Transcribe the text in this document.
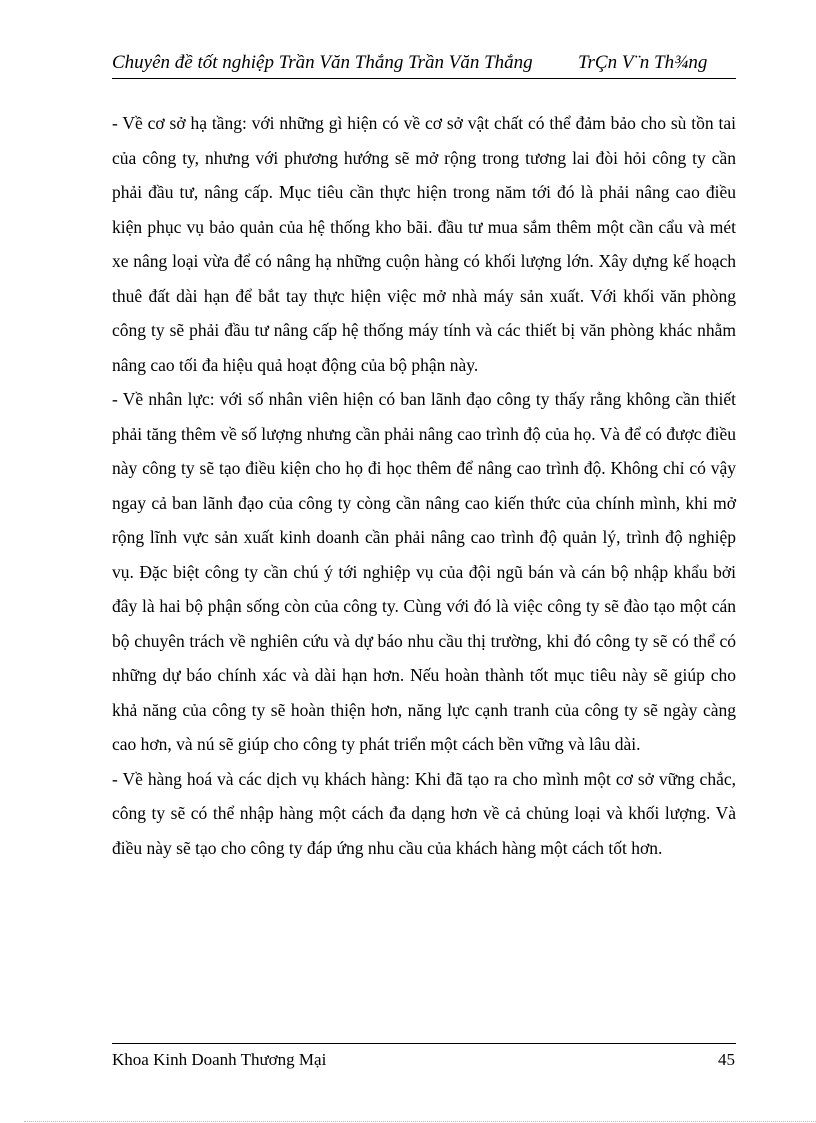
Chuyên đề tốt nghiệp Trần Văn Thắng Trần Văn Thắng TrÇn V¨n Th¾ng

- Về cơ sở hạ tầng: với những gì hiện có về cơ sở vật chất có thể đảm bảo cho sù tồn tai của công ty, nhưng với phương hướng sẽ mở rộng trong tương lai đòi hỏi công ty cần phải đầu tư, nâng cấp. Mục tiêu cần thực hiện trong năm tới đó là phải nâng cao điều kiện phục vụ bảo quản của hệ thống kho bãi. đầu tư mua sắm thêm một cần cẩu và mét xe nâng loại vừa để có nâng hạ những cuộn hàng có khối lượng lớn. Xây dựng kế hoạch thuê đất dài hạn để bắt tay thực hiện việc mở nhà máy sản xuất. Với khối văn phòng công ty sẽ phải đầu tư nâng cấp hệ thống máy tính và các thiết bị văn phòng khác nhằm nâng cao tối đa hiệu quả hoạt động của bộ phận này.

- Về nhân lực: với số nhân viên hiện có ban lãnh đạo công ty thấy rằng không cần thiết phải tăng thêm về số lượng nhưng cần phải nâng cao trình độ của họ. Và để có được điều này công ty sẽ tạo điều kiện cho họ đi học thêm để nâng cao trình độ. Không chỉ có vậy ngay cả ban lãnh đạo của công ty còng cần nâng cao kiến thức của chính mình, khi mở rộng lĩnh vực sản xuất kinh doanh cần phải nâng cao trình độ quản lý, trình độ nghiệp vụ. Đặc biệt công ty cần chú ý tới nghiệp vụ của đội ngũ bán và cán bộ nhập khẩu bởi đây là hai bộ phận sống còn của công ty. Cùng với đó là việc công ty sẽ đào tạo một cán bộ chuyên trách về nghiên cứu và dự báo nhu cầu thị trường, khi đó công ty sẽ có thể có những dự báo chính xác và dài hạn hơn. Nếu hoàn thành tốt mục tiêu này sẽ giúp cho khả năng của công ty sẽ hoàn thiện hơn, năng lực cạnh tranh của công ty sẽ ngày càng cao hơn, và nú sẽ giúp cho công ty phát triển một cách bền vững và lâu dài.

- Về hàng hoá và các dịch vụ khách hàng: Khi đã tạo ra cho mình một cơ sở vững chắc, công ty sẽ có thể nhập hàng một cách đa dạng hơn về cả chủng loại và khối lượng. Và điều này sẽ tạo cho công ty đáp ứng nhu cầu của khách hàng một cách tốt hơn.

Khoa Kinh Doanh Thương Mại	45
